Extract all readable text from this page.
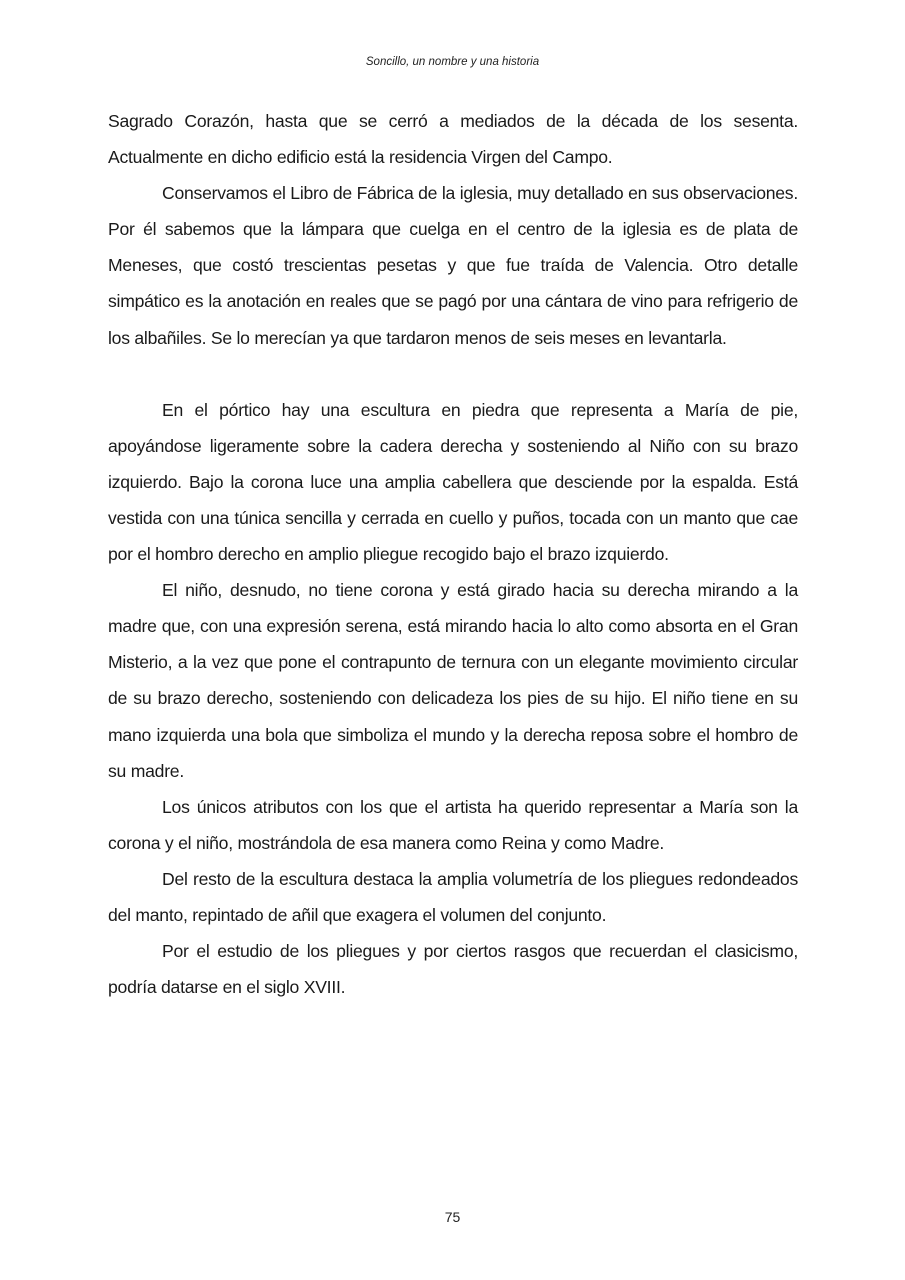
Soncillo, un nombre y una historia

Sagrado Corazón, hasta que se cerró a mediados de la década de los sesenta. Actualmente en dicho edificio está la residencia Virgen del Campo.

Conservamos el Libro de Fábrica de la iglesia, muy detallado en sus observaciones. Por él sabemos que la lámpara que cuelga en el centro de la iglesia es de plata de Meneses, que costó trescientas pesetas y que fue traída de Valencia. Otro detalle simpático es la anotación en reales que se pagó por una cántara de vino para refrigerio de los albañiles. Se lo merecían ya que tardaron menos de seis meses en levantarla.

En el pórtico hay una escultura en piedra que representa a María de pie, apoyándose ligeramente sobre la cadera derecha y sosteniendo al Niño con su brazo izquierdo. Bajo la corona luce una amplia cabellera que desciende por la espalda. Está vestida con una túnica sencilla y cerrada en cuello y puños, tocada con un manto que cae por el hombro derecho en amplio pliegue recogido bajo el brazo izquierdo.

El niño, desnudo, no tiene corona y está girado hacia su derecha mirando a la madre que, con una expresión serena, está mirando hacia lo alto como absorta en el Gran Misterio, a la vez que pone el contrapunto de ternura con un elegante movimiento circular de su brazo derecho, sosteniendo con delicadeza los pies de su hijo. El niño tiene en su mano izquierda una bola que simboliza el mundo y la derecha reposa sobre el hombro de su madre.

Los únicos atributos con los que el artista ha querido representar a María son la corona y el niño, mostrándola de esa manera como Reina y como Madre.

Del resto de la escultura destaca la amplia volumetría de los pliegues redondeados del manto, repintado de añil que exagera el volumen del conjunto.

Por el estudio de los pliegues y por ciertos rasgos que recuerdan el clasicismo, podría datarse en el siglo XVIII.

75
